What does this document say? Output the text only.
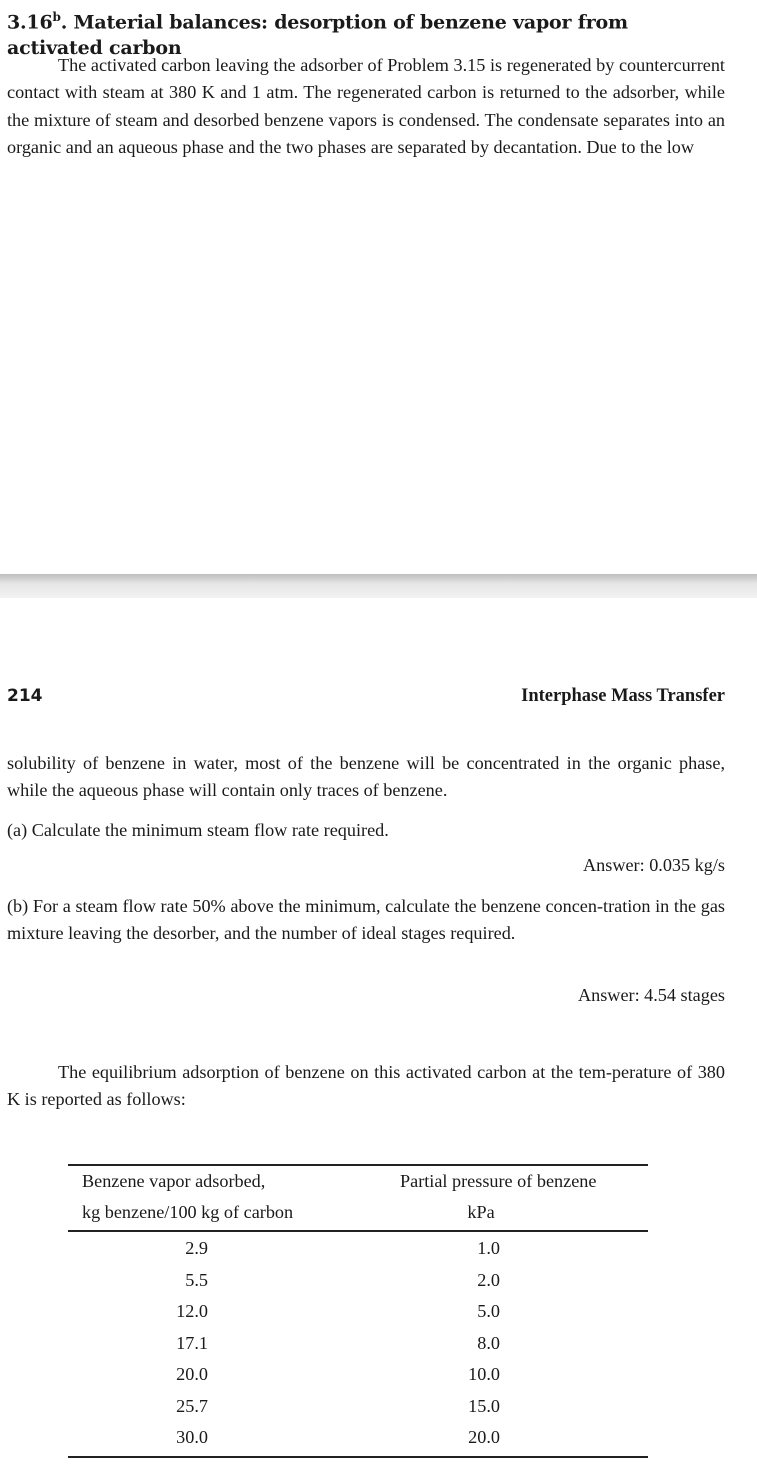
3.16$^b$. Material balances: desorption of benzene vapor from activated carbon

The activated carbon leaving the adsorber of Problem 3.15 is regenerated by countercurrent contact with steam at 380 K and 1 atm. The regenerated carbon is returned to the adsorber, while the mixture of steam and desorbed benzene vapors is condensed. The condensate separates into an organic and an aqueous phase and the two phases are separated by decantation. Due to the low

214	Interphase Mass Transfer

solubility of benzene in water, most of the benzene will be concentrated in the organic phase, while the aqueous phase will contain only traces of benzene.

(a) Calculate the minimum steam flow rate required.

Answer: 0.035 kg/s

(b) For a steam flow rate 50% above the minimum, calculate the benzene concen-tration in the gas mixture leaving the desorber, and the number of ideal stages required.

Answer: 4.54 stages

The equilibrium adsorption of benzene on this activated carbon at the tem-perature of 380 K is reported as follows:

Benzene vapor adsorbed,	Partial pressure of benzene
kg benzene/100 kg of carbon	kPa
2.9	1.0
5.5	2.0
12.0	5.0
17.1	8.0
20.0	10.0
25.7	15.0
30.0	20.0
